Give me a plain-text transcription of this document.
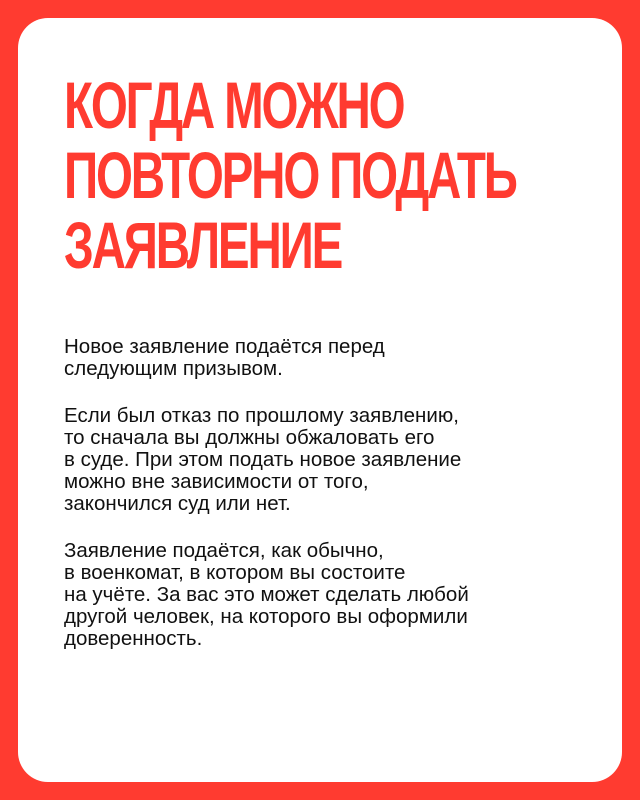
КОГДА МОЖНО
ПОВТОРНО ПОДАТЬ
ЗАЯВЛЕНИЕ

Новое заявление подаётся перед
следующим призывом.

Если был отказ по прошлому заявлению,
то сначала вы должны обжаловать его
в суде. При этом подать новое заявление
можно вне зависимости от того,
закончился суд или нет.

Заявление подаётся, как обычно,
в военкомат, в котором вы состоите
на учёте. За вас это может сделать любой
другой человек, на которого вы оформили
доверенность.
